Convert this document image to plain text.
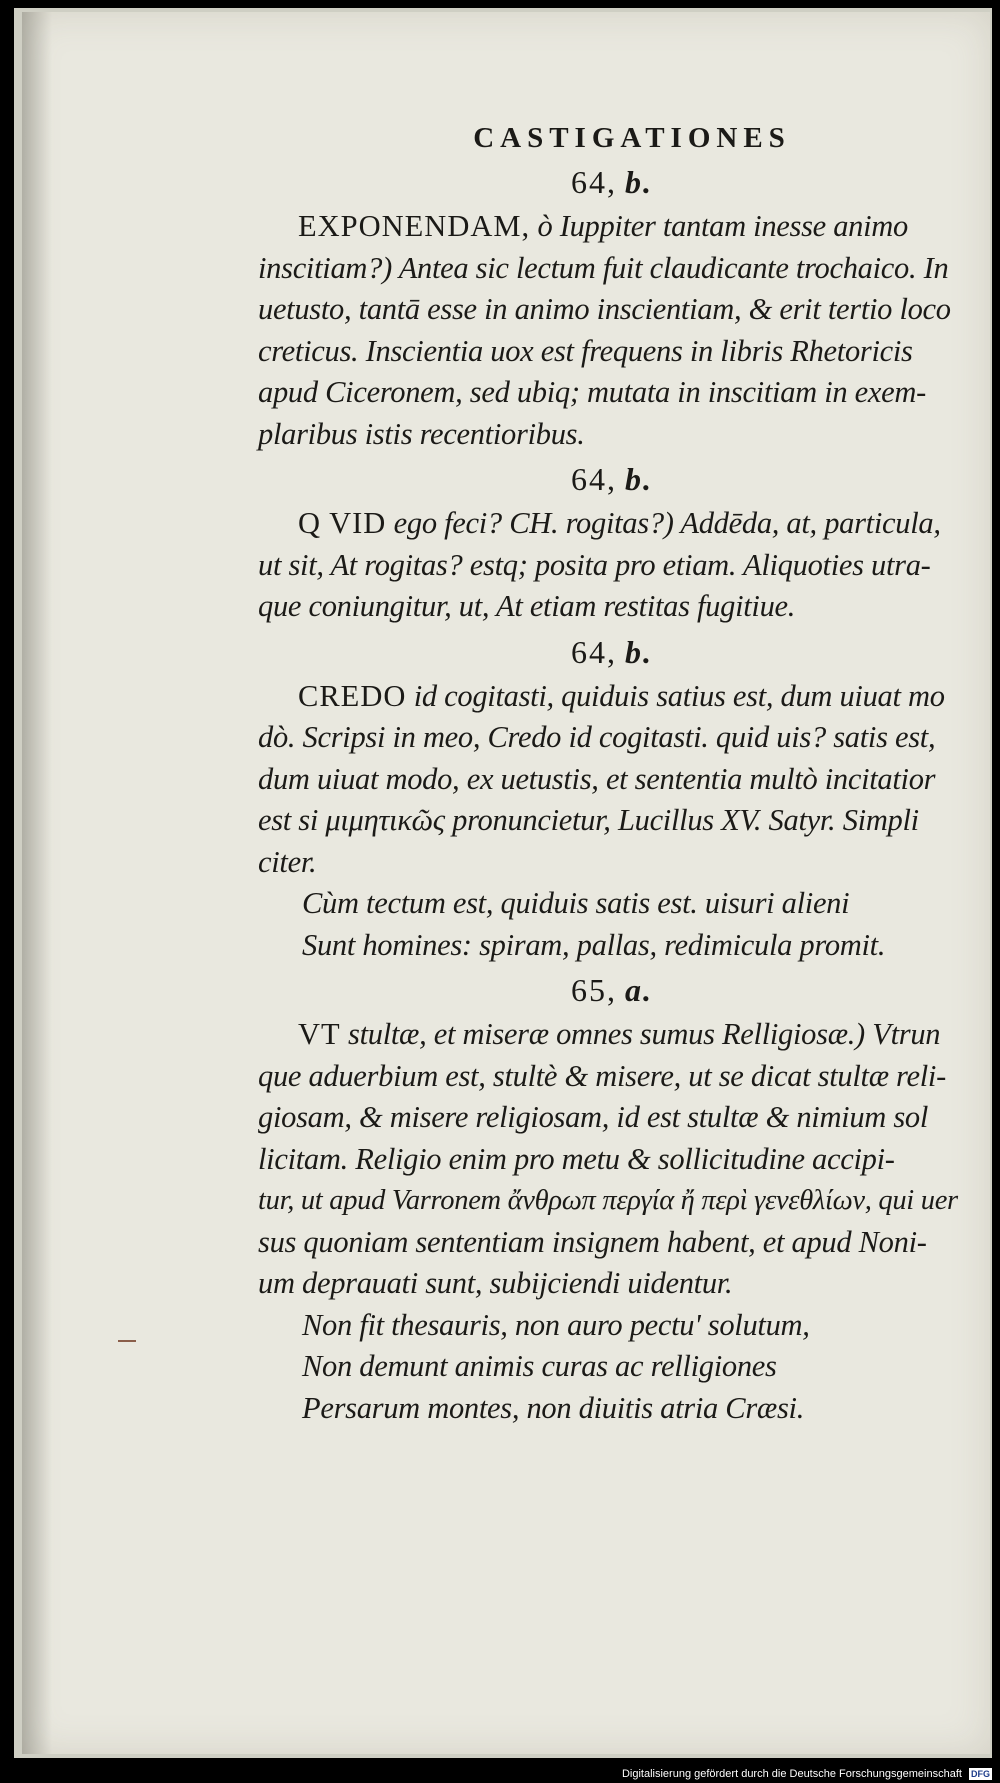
CASTIGATIONES
64, b.
EXPONENDAM, ò Iuppiter tantam inesse animo
inscitiam?) Antea sic lectum fuit claudicante trochaico. In
uetusto, tantā esse in animo inscientiam, & erit tertio loco
creticus. Inscientia uox est frequens in libris Rhetoricis
apud Ciceronem, sed ubiq; mutata in inscitiam in exem-
plaribus istis recentioribus.
64, b.
Q VID ego feci? CH. rogitas?) Addēda, at, particula,
ut sit, At rogitas? estq; posita pro etiam. Aliquoties utra-
que coniungitur, ut, At etiam restitas fugitiue.
64, b.
CREDO id cogitasti, quiduis satius est, dum uiuat mo
dò. Scripsi in meo, Credo id cogitasti. quid uis? satis est,
dum uiuat modo, ex uetustis, et sententia multò incitatior
est si μιμητικῶς pronuncietur, Lucillus XV. Satyr. Simpli
citer.
Cùm tectum est, quiduis satis est. uisuri alieni
Sunt homines: spiram, pallas, redimicula promit.
65, a.
VT stultæ, et miseræ omnes sumus Relligiosæ.) Vtrun
que aduerbium est, stultè & misere, ut se dicat stultæ reli-
giosam, & misere religiosam, id est stultæ & nimium sol
licitam. Religio enim pro metu & sollicitudine accipi-
tur, ut apud Varronem ἄνθρωπ περγία ἤ περὶ γενεθλίων, qui uer
sus quoniam sententiam insignem habent, et apud Noni-
um deprauati sunt, subijciendi uidentur.
Non fit thesauris, non auro pectu' solutum,
Non demunt animis curas ac relligiones
Persarum montes, non diuitis atria Cræsi.
Digitalisierung gefördert durch die Deutsche Forschungsgemeinschaft DFG
